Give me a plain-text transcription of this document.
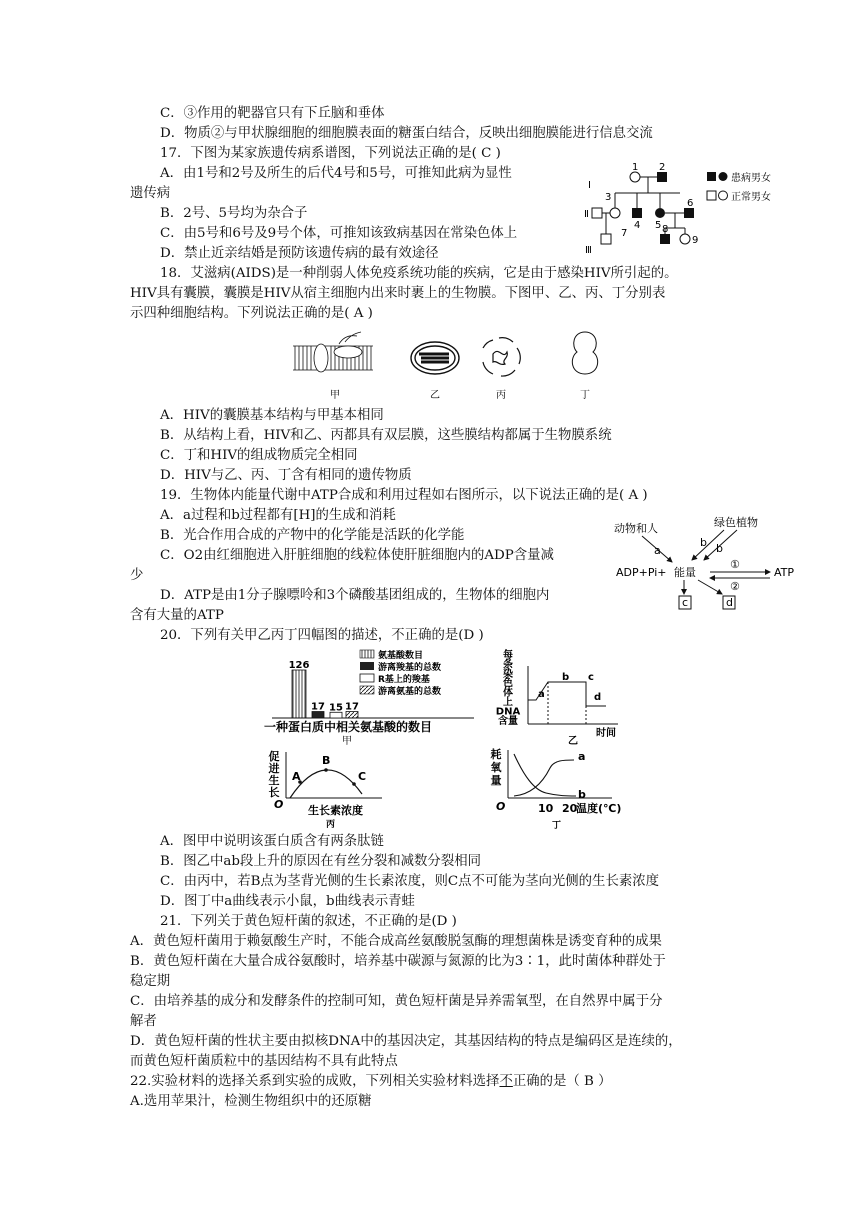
C．③作用的靶器官只有下丘脑和垂体
D．物质②与甲状腺细胞的细胞膜表面的糖蛋白结合，反映出细胞膜能进行信息交流
17．下图为某家族遗传病系谱图，下列说法正确的是( C )
A．由1号和2号及所生的后代4号和5号，可推知此病为显性
遗传病
B．2号、5号均为杂合子
C．由5号和6号及9号个体，可推知该致病基因在常染色体上
D．禁止近亲结婚是预防该遗传病的最有效途径
18．艾滋病(AIDS)是一种削弱人体免疫系统功能的疾病，它是由于感染HIV所引起的。
HIV具有囊膜，囊膜是HIV从宿主细胞内出来时裹上的生物膜。下图甲、乙、丙、丁分别表
示四种细胞结构。下列说法正确的是( A )
A．HIV的囊膜基本结构与甲基本相同
B．从结构上看，HIV和乙、丙都具有双层膜，这些膜结构都属于生物膜系统
C．丁和HIV的组成物质完全相同
D．HIV与乙、丙、丁含有相同的遗传物质
19．生物体内能量代谢中ATP合成和利用过程如右图所示，以下说法正确的是( A )
A．a过程和b过程都有[H]的生成和消耗
B．光合作用合成的产物中的化学能是活跃的化学能
C．O2由红细胞进入肝脏细胞的线粒体使肝脏细胞内的ADP含量减
少
D．ATP是由1分子腺嘌呤和3个磷酸基团组成的，生物体的细胞内
含有大量的ATP
20．下列有关甲乙丙丁四幅图的描述，不正确的是(D )
A．图甲中说明该蛋白质含有两条肽链
B．图乙中ab段上升的原因在有丝分裂和减数分裂相同
C．由丙中，若B点为茎背光侧的生长素浓度，则C点不可能为茎向光侧的生长素浓度
D．图丁中a曲线表示小鼠，b曲线表示青蛙
21．下列关于黄色短杆菌的叙述，不正确的是(D )
A．黄色短杆菌用于赖氨酸生产时，不能合成高丝氨酸脱氢酶的理想菌株是诱变育种的成果
B．黄色短杆菌在大量合成谷氨酸时，培养基中碳源与氮源的比为3∶1，此时菌体种群处于
稳定期
C．由培养基的成分和发酵条件的控制可知，黄色短杆菌是异养需氧型，在自然界中属于分
解者
D．黄色短杆菌的性状主要由拟核DNA中的基因决定，其基因结构的特点是编码区是连续的，
而黄色短杆菌质粒中的基因结构不具有此特点
22.实验材料的选择关系到实验的成败，下列相关实验材料选择不正确的是（ B ）
A.选用苹果汁，检测生物组织中的还原糖
Ⅰ
Ⅱ
Ⅲ
1 2
3
4 5
6
7	8
9
患病男女
正常男女
甲	乙	丙	丁
动物和人	绿色植物
a
b b
ADP+Pi+ 能量
①
②
ATP
c	d
126
17 15 17
氨基酸数目
游离羧基的总数
R基上的羧基
游离氨基的总数
一种蛋白质中相关氨基酸的数目
甲
每
条
染
色
体
上
DNA
含量
a
b c
d
时间
乙
促
进
生
长
A
B
C
O 生长素浓度
丙
耗
氧
量
a
b
O	10 20
温度(℃)
丁
